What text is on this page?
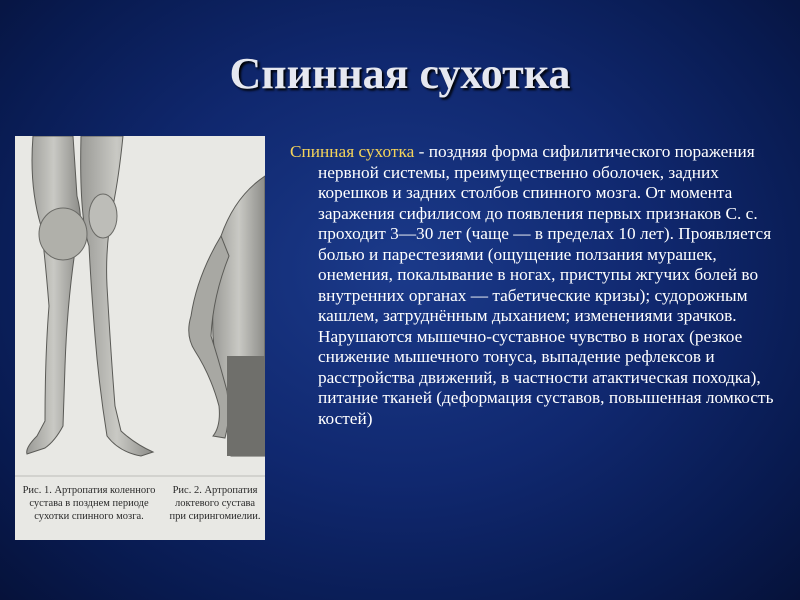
Спинная сухотка
Рис. 1. Артропатия коленного сустава в позднем периоде сухотки спинного мозга.
Рис. 2. Артропатия локтевого сустава при сирингомиелии.

Спинная сухотка - поздняя форма сифилитического поражения нервной системы, преимущественно оболочек, задних корешков и задних столбов спинного мозга. От момента заражения сифилисом до появления первых признаков С. с. проходит 3—30 лет (чаще — в пределах 10 лет). Проявляется болью и парестезиями (ощущение ползания мурашек, онемения, покалывание в ногах, приступы жгучих болей во внутренних органах — табетические кризы); судорожным кашлем, затруднённым дыханием; изменениями зрачков. Нарушаются мышечно-суставное чувство в ногах (резкое снижение мышечного тонуса, выпадение рефлексов и расстройства движений, в частности атактическая походка), питание тканей (деформация суставов, повышенная ломкость костей)
